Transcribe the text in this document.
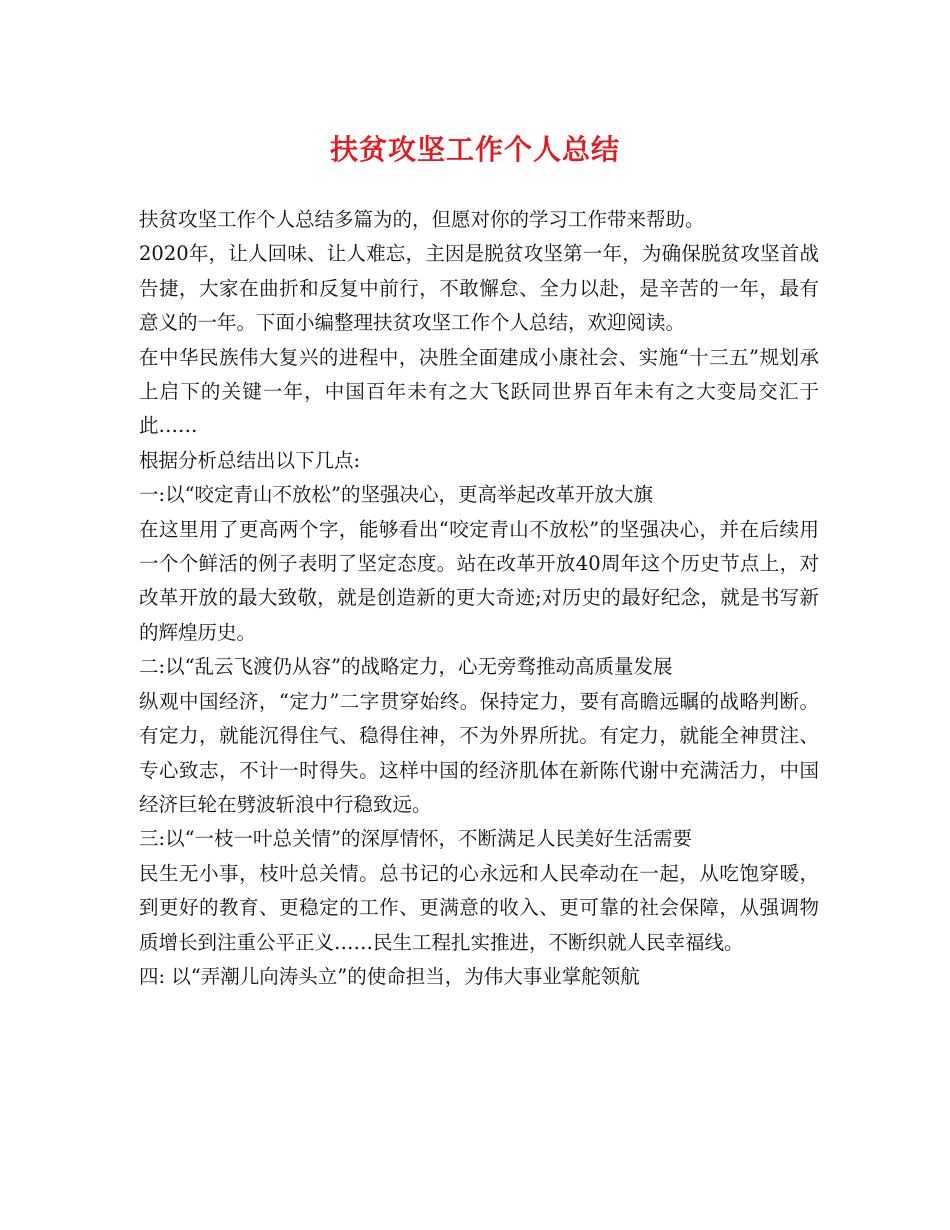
扶贫攻坚工作个人总结

扶贫攻坚工作个人总结多篇为的，但愿对你的学习工作带来帮助。

2020年，让人回味、让人难忘，主因是脱贫攻坚第一年，为确保脱贫攻坚首战告捷，大家在曲折和反复中前行，不敢懈怠、全力以赴，是辛苦的一年，最有意义的一年。下面小编整理扶贫攻坚工作个人总结，欢迎阅读。

在中华民族伟大复兴的进程中，决胜全面建成小康社会、实施“十三五”规划承上启下的关键一年，中国百年未有之大飞跃同世界百年未有之大变局交汇于此……

根据分析总结出以下几点:

一:以“咬定青山不放松”的坚强决心，更高举起改革开放大旗

在这里用了更高两个字，能够看出“咬定青山不放松”的坚强决心，并在后续用一个个鲜活的例子表明了坚定态度。站在改革开放40周年这个历史节点上，对改革开放的最大致敬，就是创造新的更大奇迹;对历史的最好纪念，就是书写新的辉煌历史。

二:以“乱云飞渡仍从容”的战略定力，心无旁骛推动高质量发展

纵观中国经济，“定力”二字贯穿始终。保持定力，要有高瞻远瞩的战略判断。有定力，就能沉得住气、稳得住神，不为外界所扰。有定力，就能全神贯注、专心致志，不计一时得失。这样中国的经济肌体在新陈代谢中充满活力，中国经济巨轮在劈波斩浪中行稳致远。

三:以“一枝一叶总关情”的深厚情怀，不断满足人民美好生活需要

民生无小事，枝叶总关情。总书记的心永远和人民牵动在一起，从吃饱穿暖，到更好的教育、更稳定的工作、更满意的收入、更可靠的社会保障，从强调物质增长到注重公平正义……民生工程扎实推进，不断织就人民幸福线。

四: 以“弄潮儿向涛头立”的使命担当，为伟大事业掌舵领航
